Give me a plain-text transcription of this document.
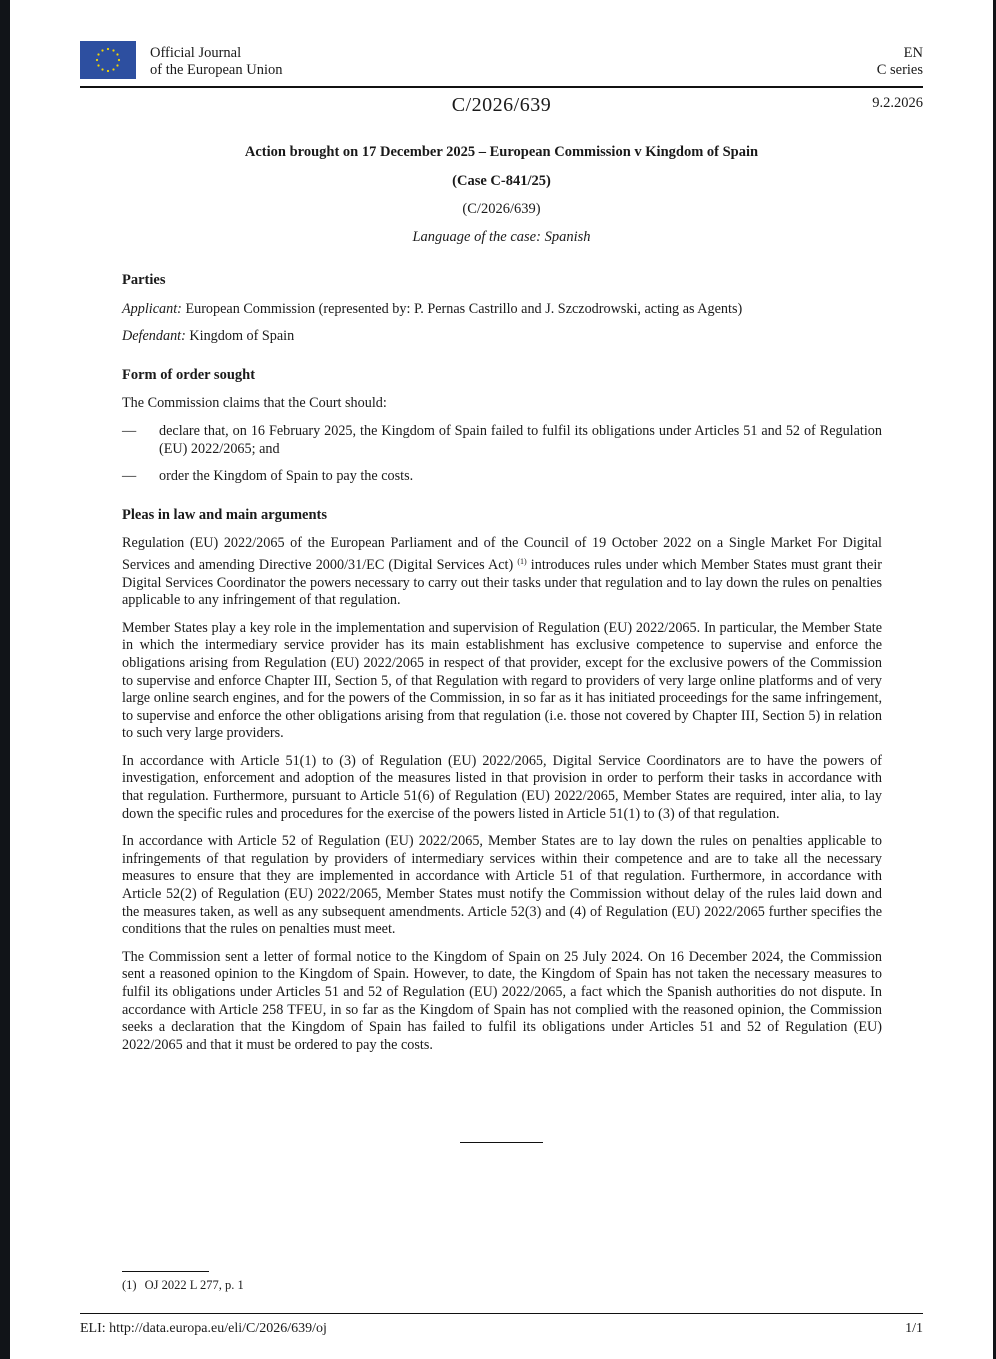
Official Journal
of the European Union
EN
C series
C/2026/639	9.2.2026

Action brought on 17 December 2025 – European Commission v Kingdom of Spain

(Case C-841/25)

(C/2026/639)

Language of the case: Spanish

Parties

Applicant: European Commission (represented by: P. Pernas Castrillo and J. Szczodrowski, acting as Agents)

Defendant: Kingdom of Spain

Form of order sought

The Commission claims that the Court should:

—	declare that, on 16 February 2025, the Kingdom of Spain failed to fulfil its obligations under Articles 51 and 52 of Regulation (EU) 2022/2065; and
—	order the Kingdom of Spain to pay the costs.

Pleas in law and main arguments

Regulation (EU) 2022/2065 of the European Parliament and of the Council of 19 October 2022 on a Single Market For Digital Services and amending Directive 2000/31/EC (Digital Services Act) $^{(1)}$ introduces rules under which Member States must grant their Digital Services Coordinator the powers necessary to carry out their tasks under that regulation and to lay down the rules on penalties applicable to any infringement of that regulation.

Member States play a key role in the implementation and supervision of Regulation (EU) 2022/2065. In particular, the Member State in which the intermediary service provider has its main establishment has exclusive competence to supervise and enforce the obligations arising from Regulation (EU) 2022/2065 in respect of that provider, except for the exclusive powers of the Commission to supervise and enforce Chapter III, Section 5, of that Regulation with regard to providers of very large online platforms and of very large online search engines, and for the powers of the Commission, in so far as it has initiated proceedings for the same infringement, to supervise and enforce the other obligations arising from that regulation (i.e. those not covered by Chapter III, Section 5) in relation to such very large providers.

In accordance with Article 51(1) to (3) of Regulation (EU) 2022/2065, Digital Service Coordinators are to have the powers of investigation, enforcement and adoption of the measures listed in that provision in order to perform their tasks in accordance with that regulation. Furthermore, pursuant to Article 51(6) of Regulation (EU) 2022/2065, Member States are required, inter alia, to lay down the specific rules and procedures for the exercise of the powers listed in Article 51(1) to (3) of that regulation.

In accordance with Article 52 of Regulation (EU) 2022/2065, Member States are to lay down the rules on penalties applicable to infringements of that regulation by providers of intermediary services within their competence and are to take all the necessary measures to ensure that they are implemented in accordance with Article 51 of that regulation. Furthermore, in accordance with Article 52(2) of Regulation (EU) 2022/2065, Member States must notify the Commission without delay of the rules laid down and the measures taken, as well as any subsequent amendments. Article 52(3) and (4) of Regulation (EU) 2022/2065 further specifies the conditions that the rules on penalties must meet.

The Commission sent a letter of formal notice to the Kingdom of Spain on 25 July 2024. On 16 December 2024, the Commission sent a reasoned opinion to the Kingdom of Spain. However, to date, the Kingdom of Spain has not taken the necessary measures to fulfil its obligations under Articles 51 and 52 of Regulation (EU) 2022/2065, a fact which the Spanish authorities do not dispute. In accordance with Article 258 TFEU, in so far as the Kingdom of Spain has not complied with the reasoned opinion, the Commission seeks a declaration that the Kingdom of Spain has failed to fulfil its obligations under Articles 51 and 52 of Regulation (EU) 2022/2065 and that it must be ordered to pay the costs.

(1) OJ 2022 L 277, p. 1
ELI: http://data.europa.eu/eli/C/2026/639/oj	1/1
